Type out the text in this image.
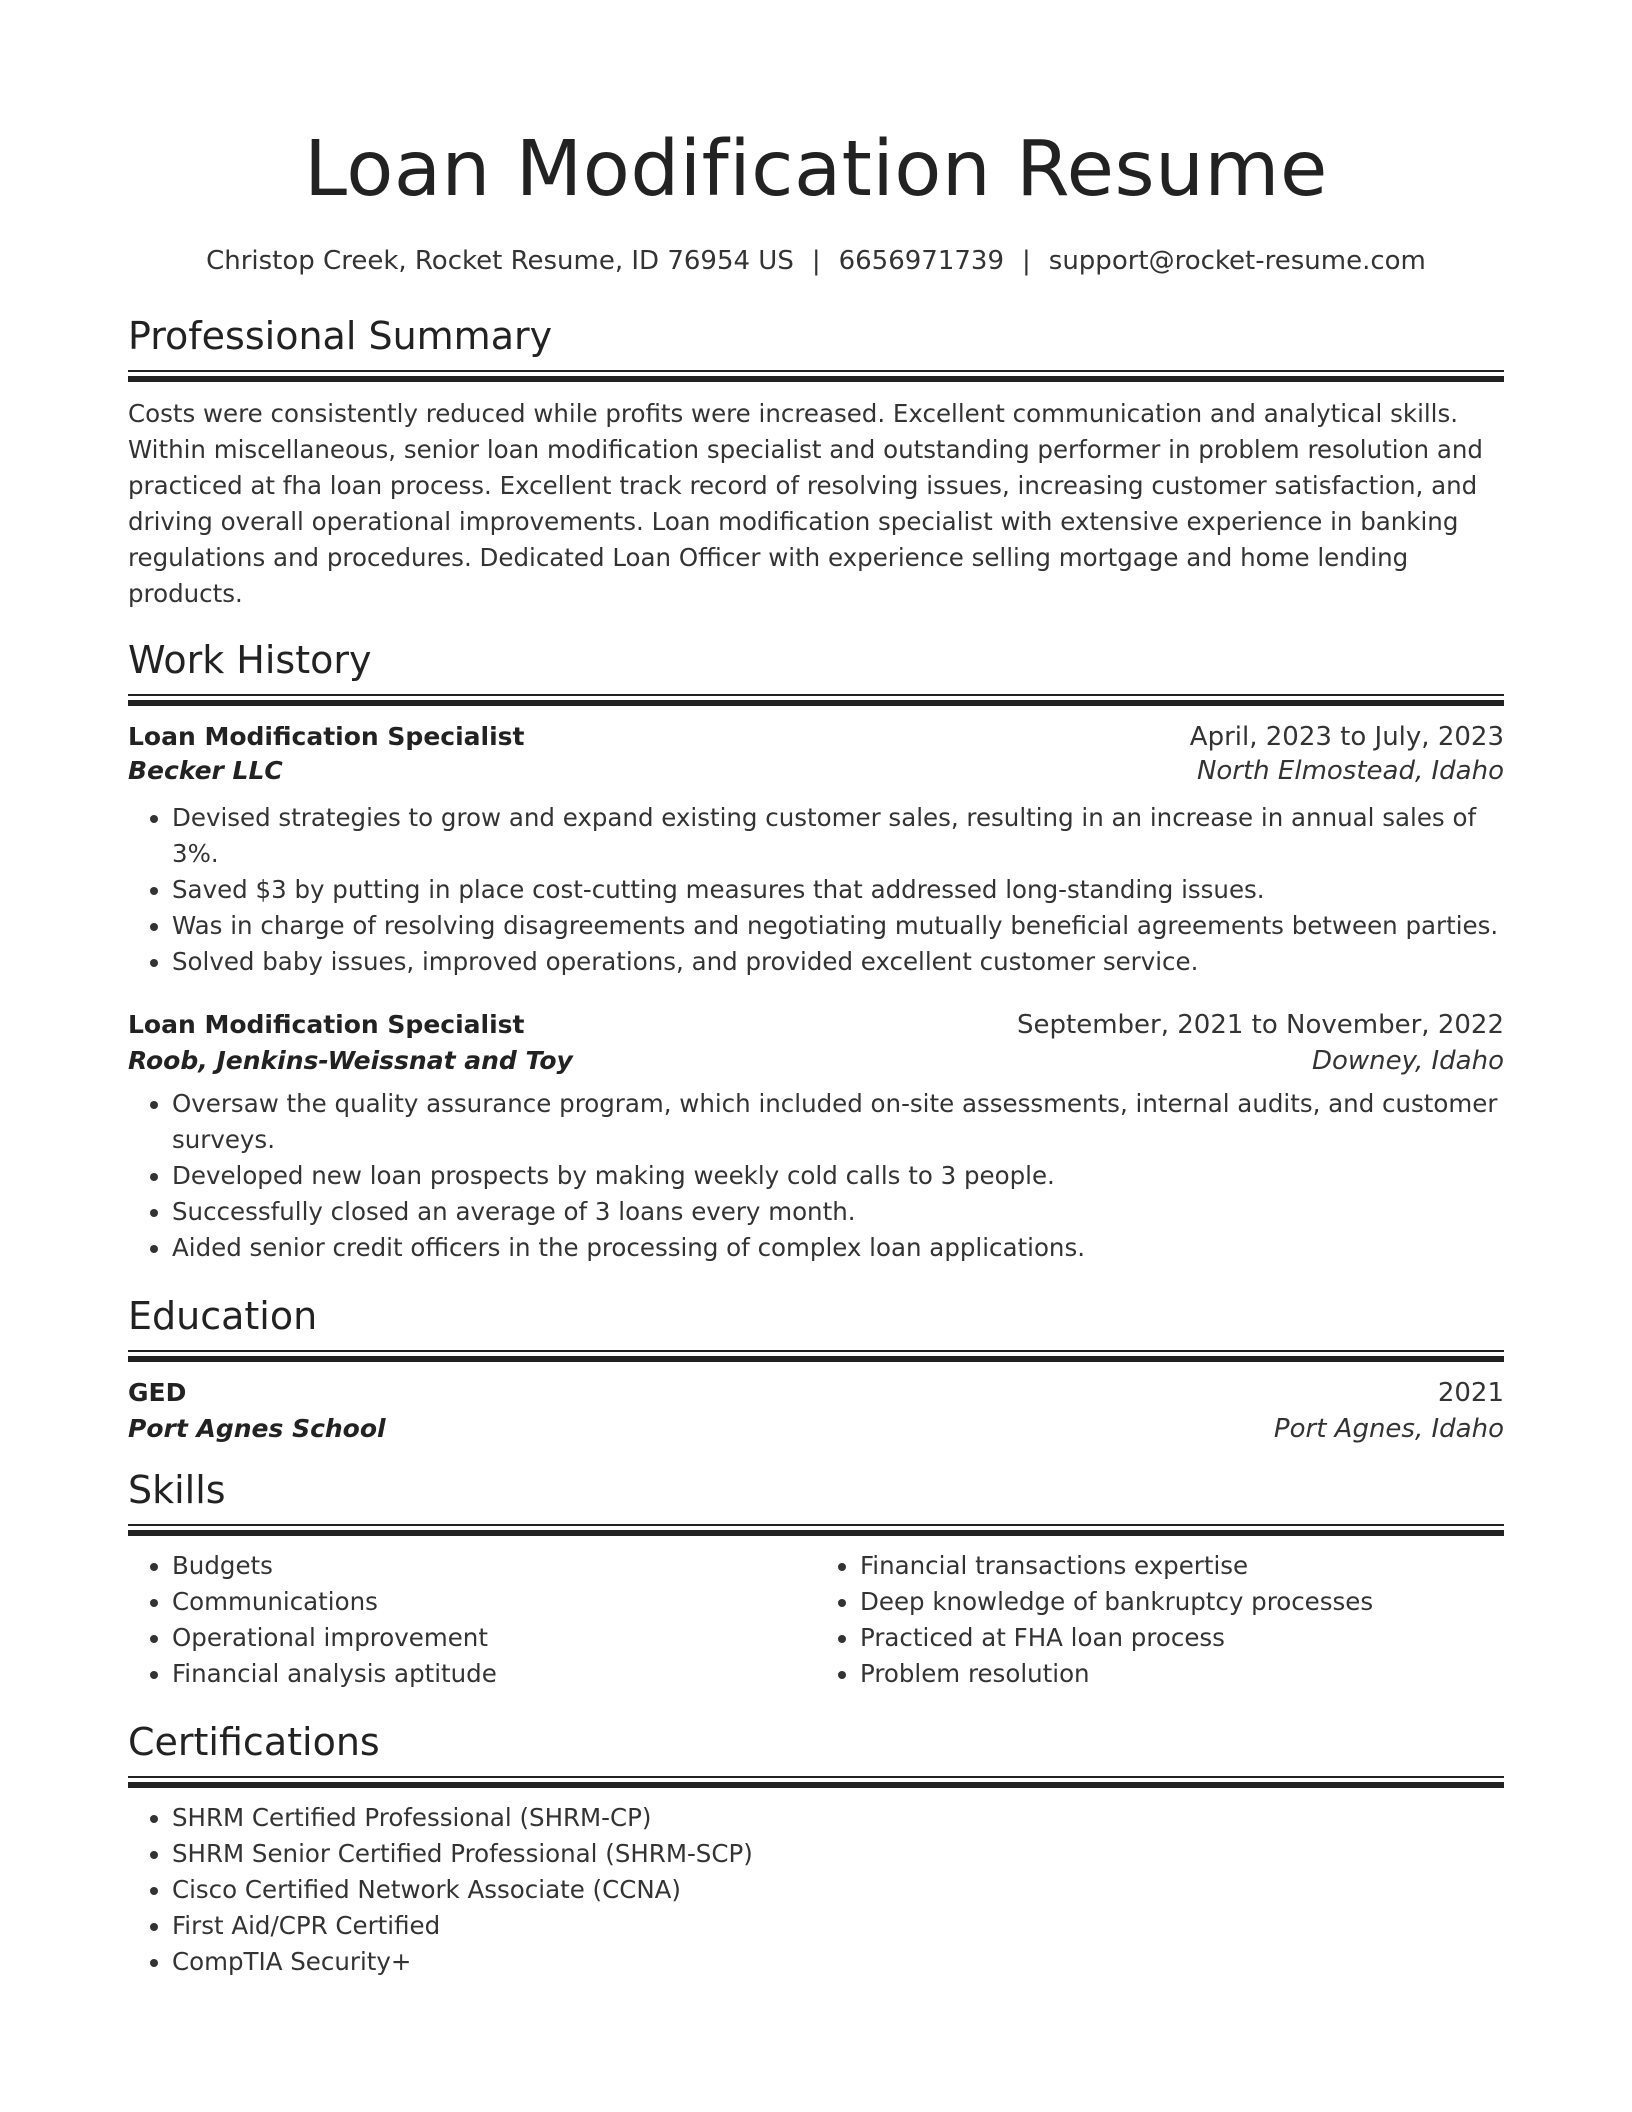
Loan Modification Resume
Christop Creek, Rocket Resume, ID 76954 US | 6656971739 | support@rocket-resume.com
Professional Summary
Costs were consistently reduced while profits were increased. Excellent communication and analytical skills. Within miscellaneous, senior loan modification specialist and outstanding performer in problem resolution and practiced at fha loan process. Excellent track record of resolving issues, increasing customer satisfaction, and driving overall operational improvements. Loan modification specialist with extensive experience in banking regulations and procedures. Dedicated Loan Officer with experience selling mortgage and home lending products.
Work History
Loan Modification Specialist	April, 2023 to July, 2023
Becker LLC	North Elmostead, Idaho
• Devised strategies to grow and expand existing customer sales, resulting in an increase in annual sales of 3%.
• Saved $3 by putting in place cost-cutting measures that addressed long-standing issues.
• Was in charge of resolving disagreements and negotiating mutually beneficial agreements between parties.
• Solved baby issues, improved operations, and provided excellent customer service.
Loan Modification Specialist	September, 2021 to November, 2022
Roob, Jenkins-Weissnat and Toy	Downey, Idaho
• Oversaw the quality assurance program, which included on-site assessments, internal audits, and customer surveys.
• Developed new loan prospects by making weekly cold calls to 3 people.
• Successfully closed an average of 3 loans every month.
• Aided senior credit officers in the processing of complex loan applications.
Education
GED	2021
Port Agnes School	Port Agnes, Idaho
Skills
• Budgets
• Communications
• Operational improvement
• Financial analysis aptitude
• Financial transactions expertise
• Deep knowledge of bankruptcy processes
• Practiced at FHA loan process
• Problem resolution
Certifications
• SHRM Certified Professional (SHRM-CP)
• SHRM Senior Certified Professional (SHRM-SCP)
• Cisco Certified Network Associate (CCNA)
• First Aid/CPR Certified
• CompTIA Security+
